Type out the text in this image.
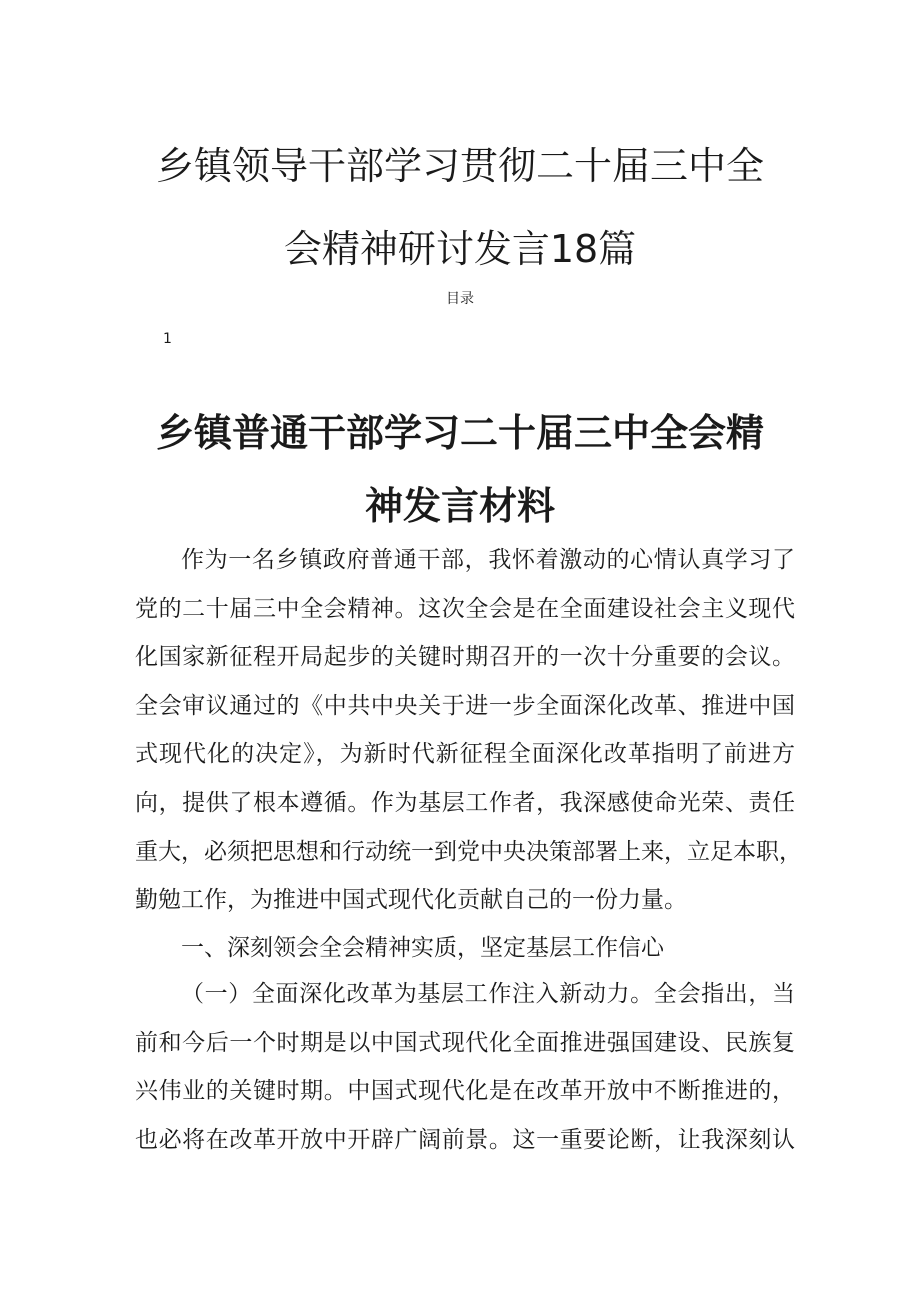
乡镇领导干部学习贯彻二十届三中全
会精神研讨发言18篇
目录
1
乡镇普通干部学习二十届三中全会精
神发言材料
作为一名乡镇政府普通干部，我怀着激动的心情认真学习了
党的二十届三中全会精神。这次全会是在全面建设社会主义现代
化国家新征程开局起步的关键时期召开的一次十分重要的会议。
全会审议通过的《中共中央关于进一步全面深化改革、推进中国
式现代化的决定》，为新时代新征程全面深化改革指明了前进方
向，提供了根本遵循。作为基层工作者，我深感使命光荣、责任
重大，必须把思想和行动统一到党中央决策部署上来，立足本职，
勤勉工作，为推进中国式现代化贡献自己的一份力量。
一、深刻领会全会精神实质，坚定基层工作信心
（一）全面深化改革为基层工作注入新动力。全会指出，当
前和今后一个时期是以中国式现代化全面推进强国建设、民族复
兴伟业的关键时期。中国式现代化是在改革开放中不断推进的，
也必将在改革开放中开辟广阔前景。这一重要论断，让我深刻认
